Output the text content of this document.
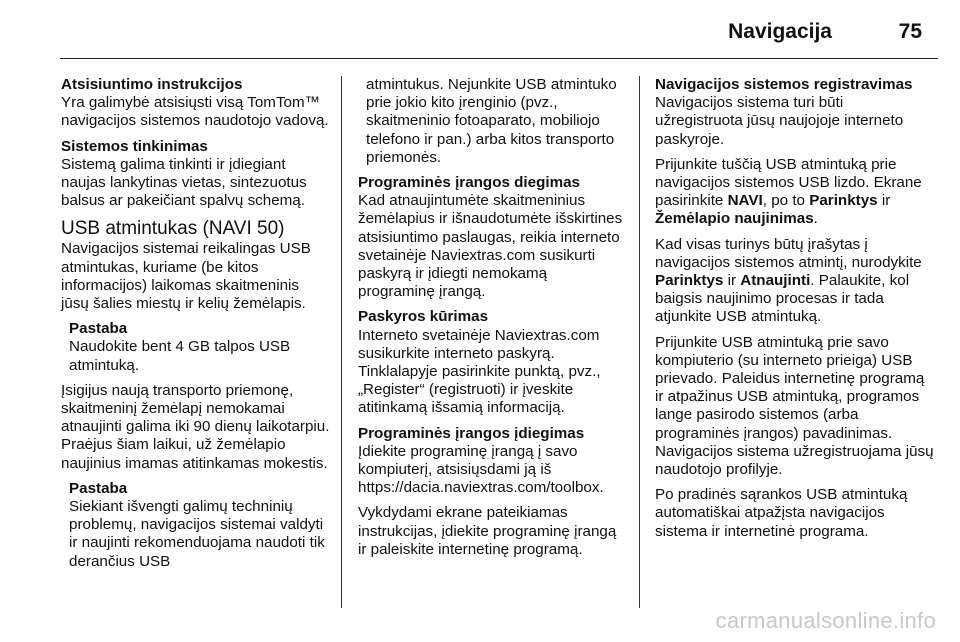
Navigacija	75
Atsisiuntimo instrukcijos

Yra galimybė atsisiųsti visą TomTom™ navigacijos sistemos naudotojo vadovą.

Sistemos tinkinimas

Sistemą galima tinkinti ir įdiegiant naujas lankytinas vietas, sintezuotus balsus ar pakeičiant spalvų schemą.

USB atmintukas (NAVI 50)

Navigacijos sistemai reikalingas USB atmintukas, kuriame (be kitos informacijos) laikomas skaitmeninis jūsų šalies miestų ir kelių žemėlapis.

Pastaba
Naudokite bent 4 GB talpos USB atmintuką.

Įsigijus naują transporto priemonę, skaitmeninį žemėlapį nemokamai atnaujinti galima iki 90 dienų laikotarpiu. Praėjus šiam laikui, už žemėlapio naujinius imamas atitinkamas mokestis.

Pastaba
Siekiant išvengti galimų techninių problemų, navigacijos sistemai valdyti ir naujinti rekomenduojama naudoti tik derančius USB

atmintukus. Nejunkite USB atmintuko prie jokio kito įrenginio (pvz., skaitmeninio fotoaparato, mobiliojo telefono ir pan.) arba kitos transporto priemonės.

Programinės įrangos diegimas

Kad atnaujintumėte skaitmeninius žemėlapius ir išnaudotumėte išskirtines atsisiuntimo paslaugas, reikia interneto svetainėje Naviextras.com susikurti paskyrą ir įdiegti nemokamą programinę įrangą.

Paskyros kūrimas

Interneto svetainėje Naviextras.com susikurkite interneto paskyrą. Tinklalapyje pasirinkite punktą, pvz., „Register“ (registruoti) ir įveskite atitinkamą išsamią informaciją.

Programinės įrangos įdiegimas

Įdiekite programinę įrangą į savo kompiuterį, atsisiųsdami ją iš https://dacia.naviextras.com/toolbox.

Vykdydami ekrane pateikiamas instrukcijas, įdiekite programinę įrangą ir paleiskite internetinę programą.

Navigacijos sistemos registravimas

Navigacijos sistema turi būti užregistruota jūsų naujojoje interneto paskyroje.

Prijunkite tuščią USB atmintuką prie navigacijos sistemos USB lizdo. Ekrane pasirinkite NAVI, po to Parinktys ir Žemėlapio naujinimas.

Kad visas turinys būtų įrašytas į navigacijos sistemos atmintį, nurodykite Parinktys ir Atnaujinti. Palaukite, kol baigsis naujinimo procesas ir tada atjunkite USB atmintuką.

Prijunkite USB atmintuką prie savo kompiuterio (su interneto prieiga) USB prievado. Paleidus internetinę programą ir atpažinus USB atmintuką, programos lange pasirodo sistemos (arba programinės įrangos) pavadinimas. Navigacijos sistema užregistruojama jūsų naudotojo profilyje.

Po pradinės sąrankos USB atmintuką automatiškai atpažįsta navigacijos sistema ir internetinė programa.

carmanualsonline.info
